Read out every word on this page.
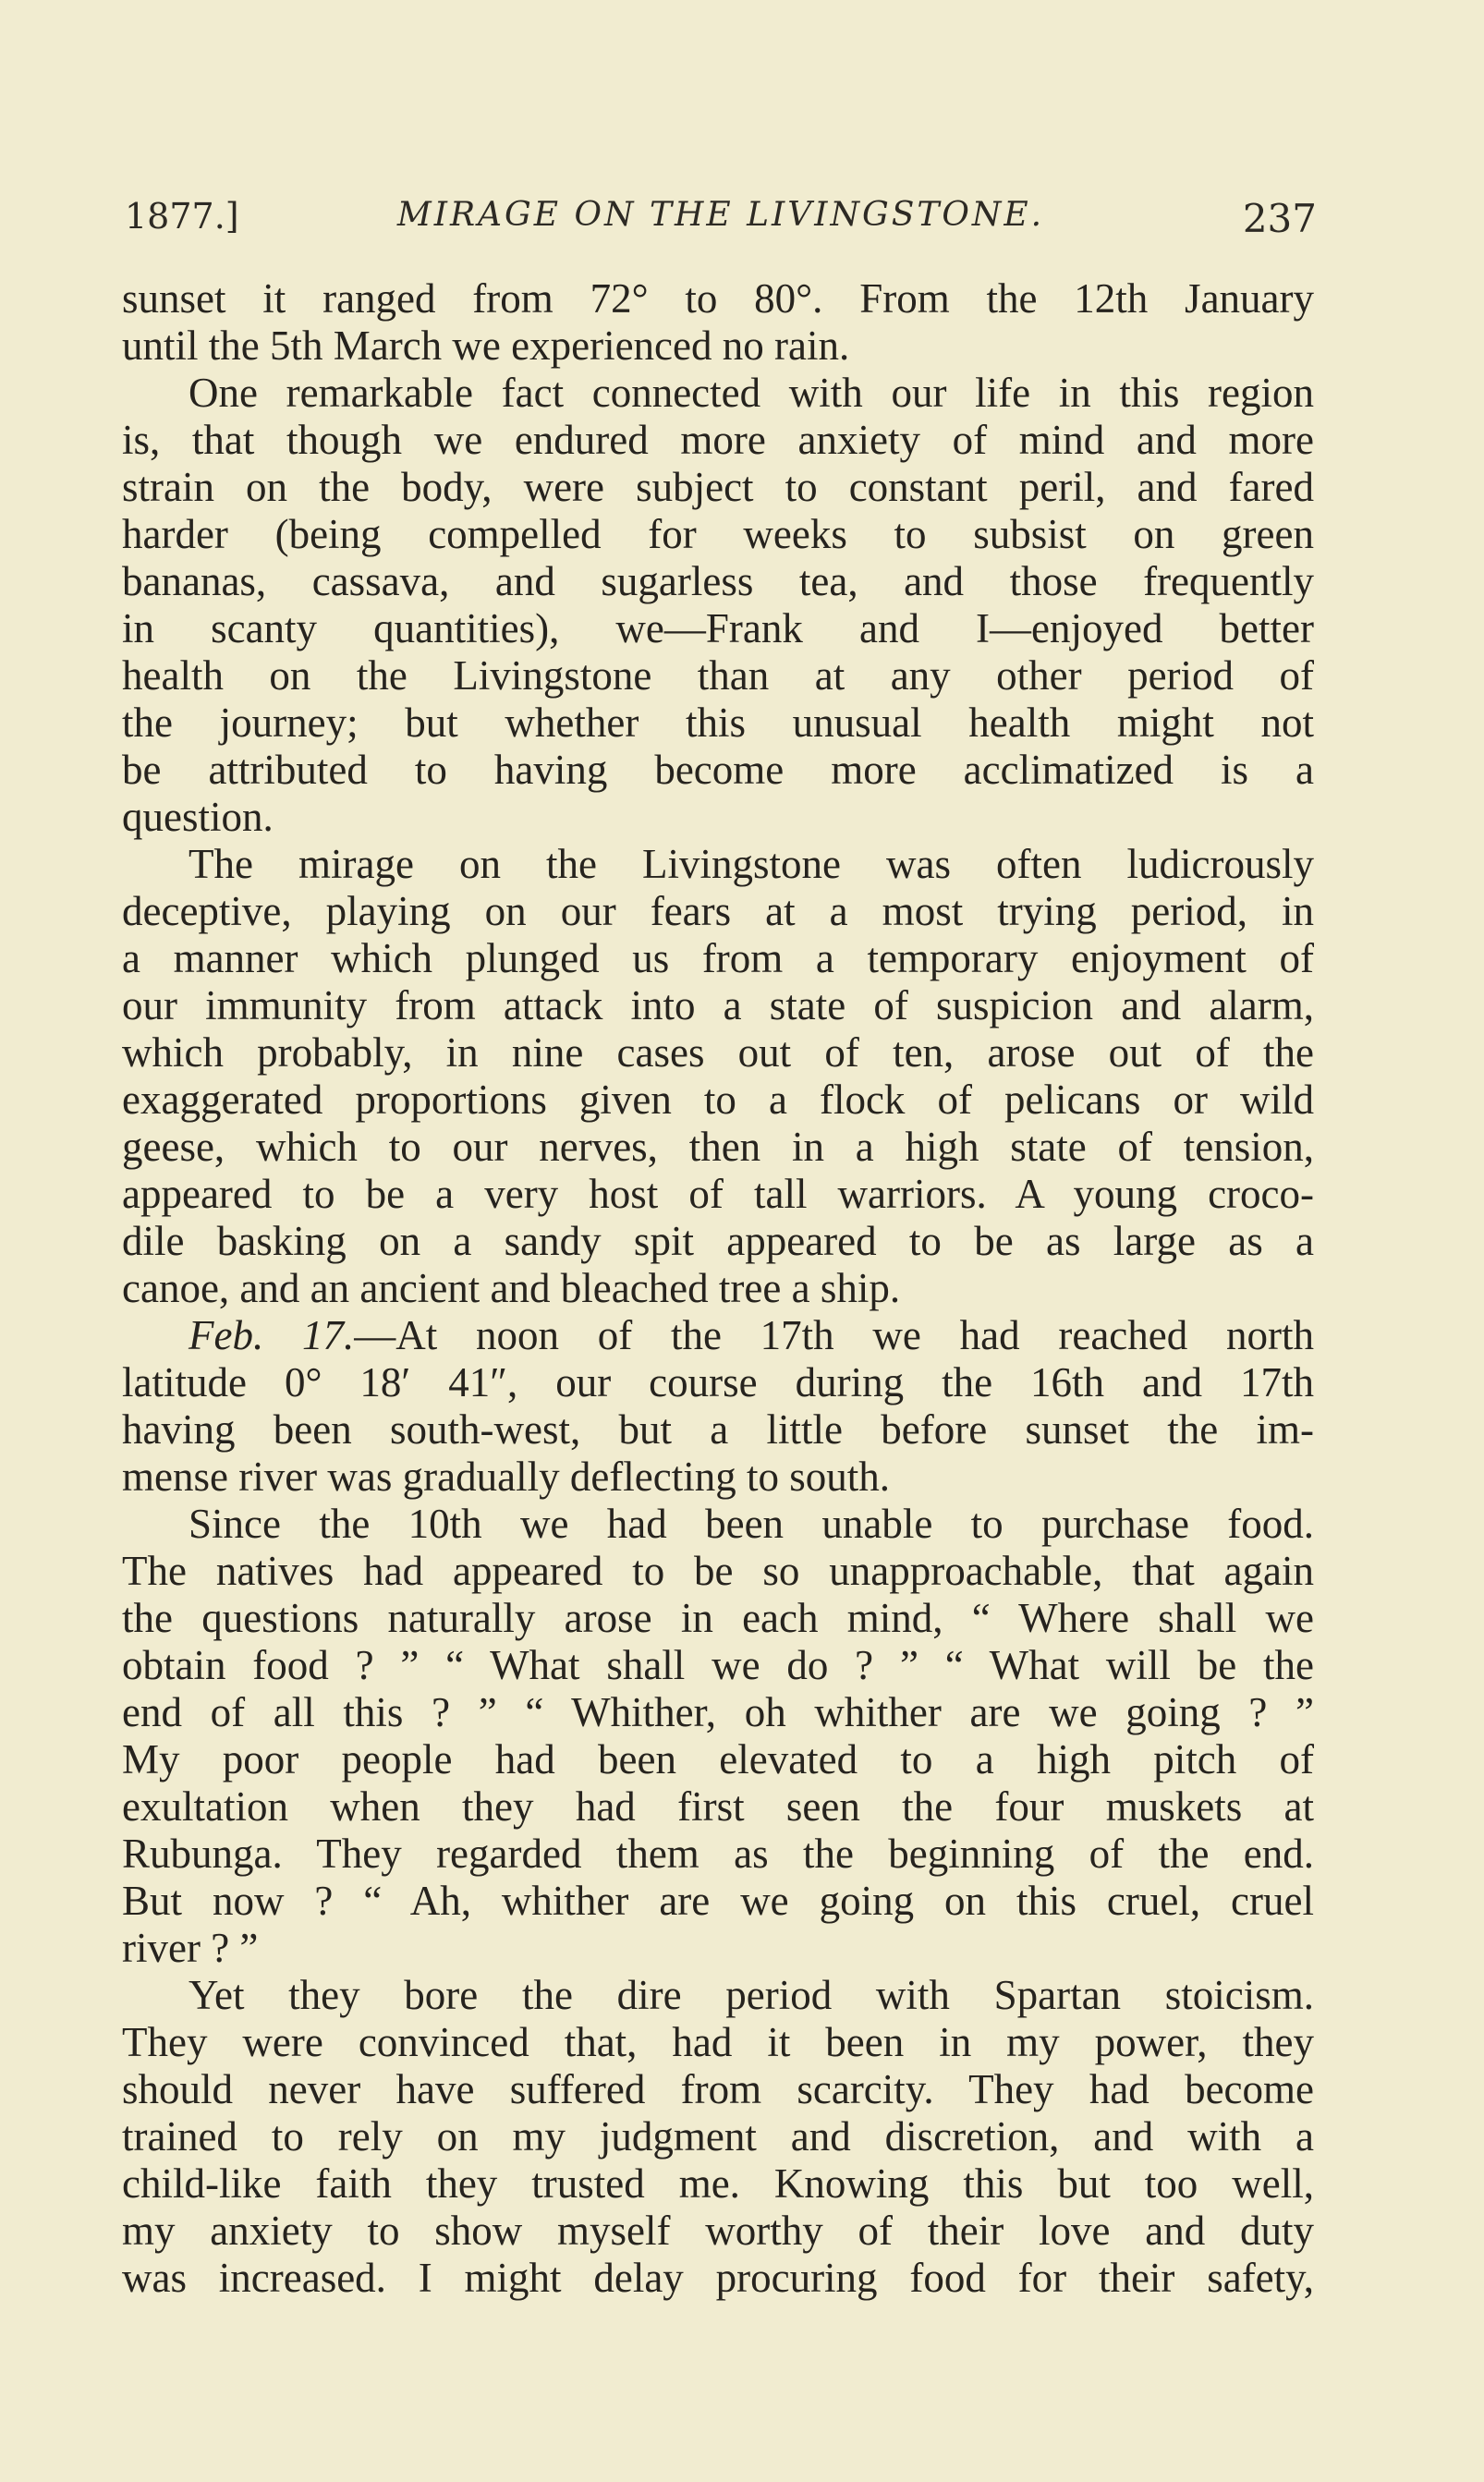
1877.]	MIRAGE ON THE LIVINGSTONE.	237
sunset it ranged from 72° to 80°. From the 12th January
until the 5th March we experienced no rain.
One remarkable fact connected with our life in this region
is, that though we endured more anxiety of mind and more
strain on the body, were subject to constant peril, and fared
harder (being compelled for weeks to subsist on green
bananas, cassava, and sugarless tea, and those frequently
in scanty quantities), we—Frank and I—enjoyed better
health on the Livingstone than at any other period of
the journey; but whether this unusual health might not
be attributed to having become more acclimatized is a
question.
The mirage on the Livingstone was often ludicrously
deceptive, playing on our fears at a most trying period, in
a manner which plunged us from a temporary enjoyment of
our immunity from attack into a state of suspicion and alarm,
which probably, in nine cases out of ten, arose out of the
exaggerated proportions given to a flock of pelicans or wild
geese, which to our nerves, then in a high state of tension,
appeared to be a very host of tall warriors. A young croco-
dile basking on a sandy spit appeared to be as large as a
canoe, and an ancient and bleached tree a ship.
Feb. 17.—At noon of the 17th we had reached north
latitude 0° 18′ 41″, our course during the 16th and 17th
having been south-west, but a little before sunset the im-
mense river was gradually deflecting to south.
Since the 10th we had been unable to purchase food.
The natives had appeared to be so unapproachable, that again
the questions naturally arose in each mind, “ Where shall we
obtain food ? ” “ What shall we do ? ” “ What will be the
end of all this ? ” “ Whither, oh whither are we going ? ”
My poor people had been elevated to a high pitch of
exultation when they had first seen the four muskets at
Rubunga. They regarded them as the beginning of the end.
But now ? “ Ah, whither are we going on this cruel, cruel
river ? ”
Yet they bore the dire period with Spartan stoicism.
They were convinced that, had it been in my power, they
should never have suffered from scarcity. They had become
trained to rely on my judgment and discretion, and with a
child-like faith they trusted me. Knowing this but too well,
my anxiety to show myself worthy of their love and duty
was increased. I might delay procuring food for their safety,
